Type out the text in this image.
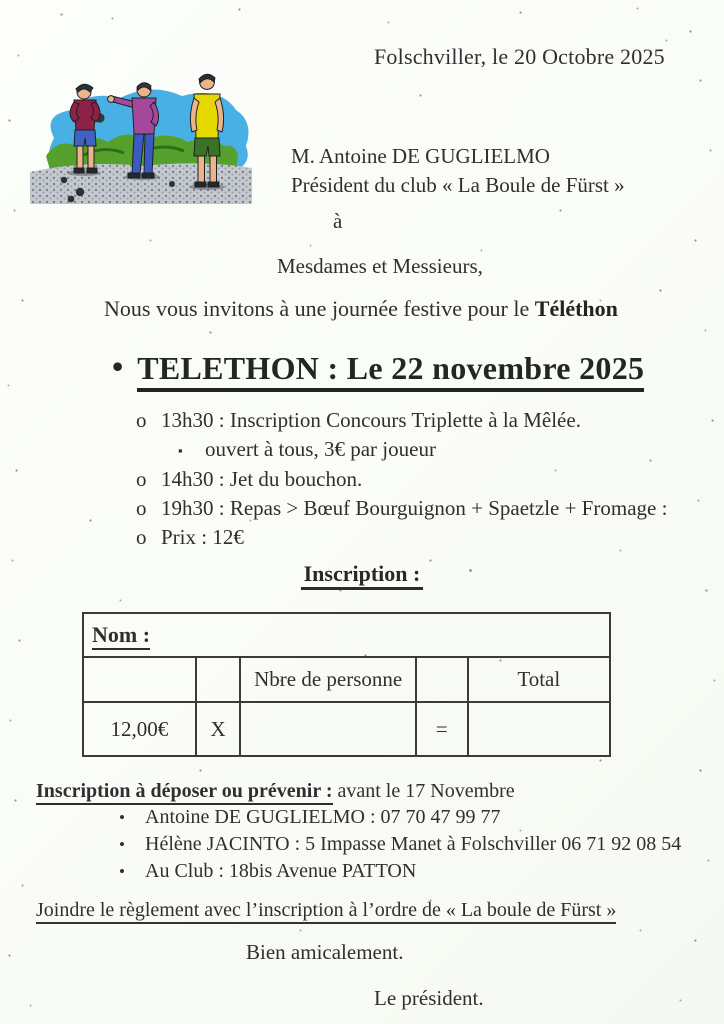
Folschviller, le 20 Octobre 2025
M. Antoine DE GUGLIELMO
Président du club « La Boule de Fürst »
à
Mesdames et Messieurs,
Nous vous invitons à une journée festive pour le Téléthon
• TELETHON : Le 22 novembre 2025
o 13h30 : Inscription Concours Triplette à la Mêlée.
▪ ouvert à tous, 3€ par joueur
o 14h30 : Jet du bouchon.
o 19h30 : Repas > Bœuf Bourguignon + Spaetzle + Fromage :
o Prix : 12€
Inscription :
Nom :				
		Nbre de personne		Total
12,00€	X		=	
Inscription à déposer ou prévenir : avant le 17 Novembre
• Antoine DE GUGLIELMO : 07 70 47 99 77
• Hélène JACINTO : 5 Impasse Manet à Folschviller 06 71 92 08 54
• Au Club : 18bis Avenue PATTON
Joindre le règlement avec l’inscription à l’ordre de « La boule de Fürst »
Bien amicalement.
Le président.
